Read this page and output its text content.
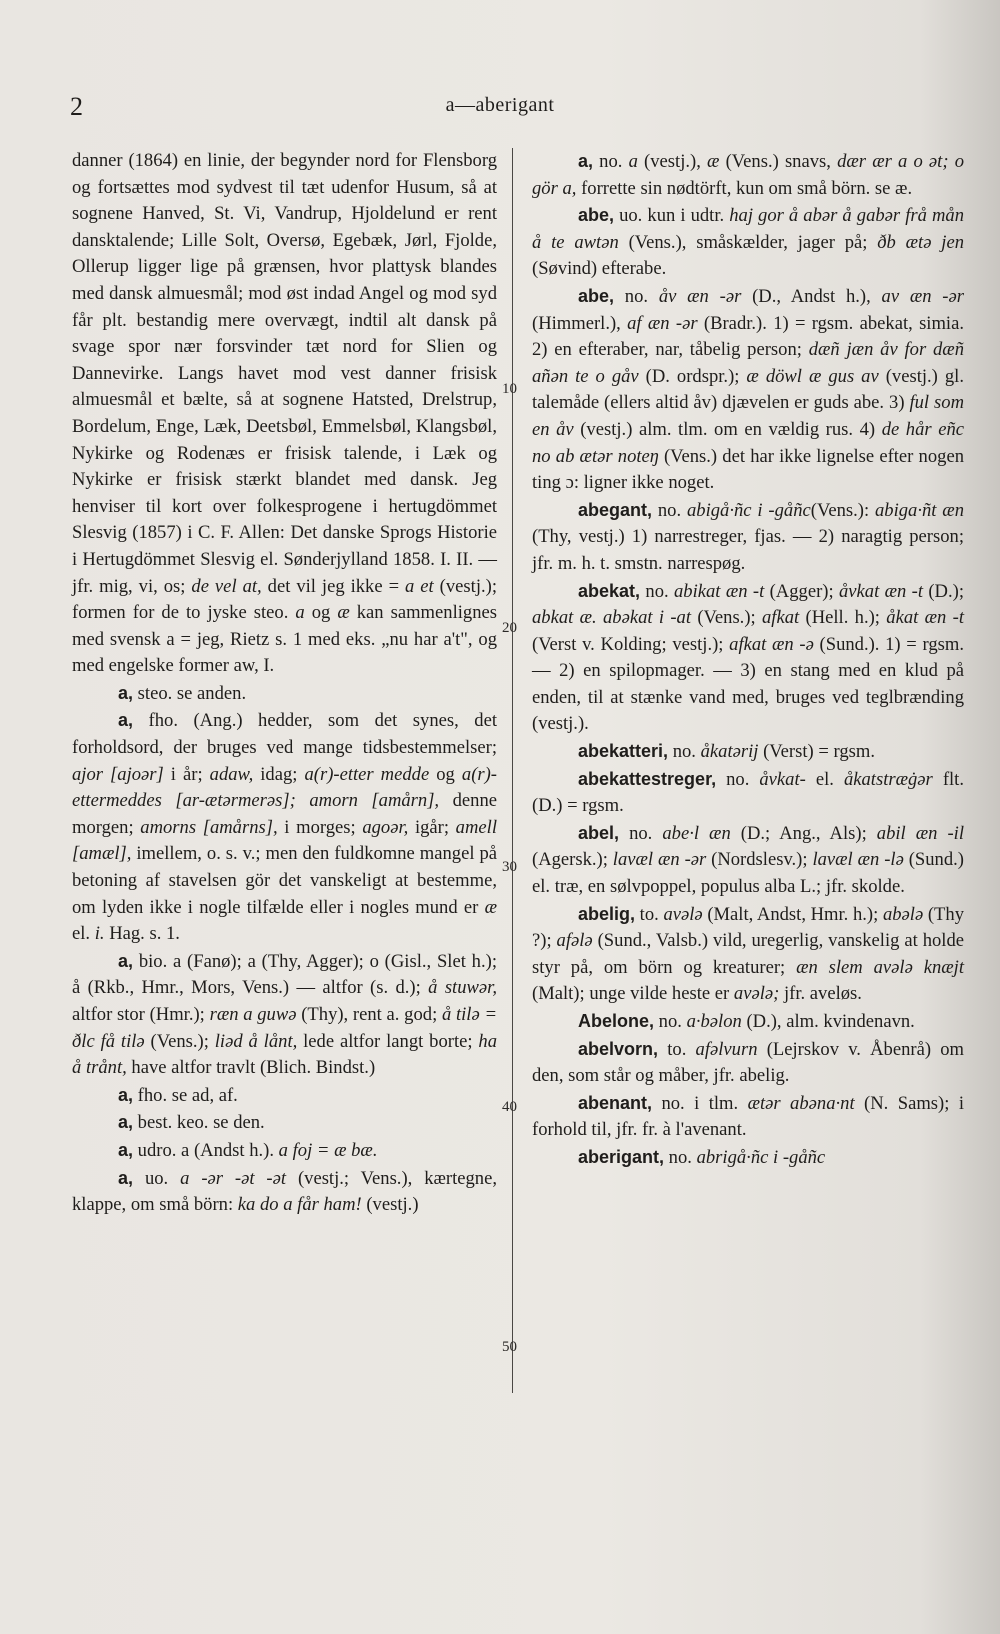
2	a—aberigant
10
20
30
40
50

danner (1864) en linie, der begynder nord for Flensborg og fortsættes mod sydvest til tæt udenfor Husum, så at sognene Hanved, St. Vi, Vandrup, Hjoldelund er rent dansktalende; Lille Solt, Oversø, Egebæk, Jørl, Fjolde, Ollerup ligger lige på grænsen, hvor plattysk blandes med dansk almuesmål; mod øst indad Angel og mod syd får plt. bestandig mere overvægt, indtil alt dansk på svage spor nær forsvinder tæt nord for Slien og Dannevirke. Langs havet mod vest danner frisisk almuesmål et bælte, så at sognene Hatsted, Drelstrup, Bordelum, Enge, Læk, Deetsbøl, Emmelsbøl, Klangsbøl, Nykirke og Rodenæs er frisisk talende, i Læk og Nykirke er frisisk stærkt blandet med dansk. Jeg henviser til kort over folkesprogene i hertugdömmet Slesvig (1857) i C. F. Allen: Det danske Sprogs Historie i Hertugdömmet Slesvig el. Sønderjylland 1858. I. II. — jfr. mig, vi, os; de vel at, det vil jeg ikke = a et (vestj.); formen for de to jyske steo. a og æ kan sammenlignes med svensk a = jeg, Rietz s. 1 med eks. „nu har a't", og med engelske former aw, I.

a, steo. se anden.

a, fho. (Ang.) hedder, som det synes, det forholdsord, der bruges ved mange tidsbestemmelser; ajor [ajoər] i år; adaw, idag; a(r)-etter medde og a(r)-ettermeddes [ar-ætərmerəs]; amorn [amårn], denne morgen; amorns [amårns], i morges; agoər, igår; amell [amæl], imellem, o. s. v.; men den fuldkomne mangel på betoning af stavelsen gör det vanskeligt at bestemme, om lyden ikke i nogle tilfælde eller i nogles mund er æ el. i. Hag. s. 1.

a, bio. a (Fanø); a (Thy, Agger); o (Gisl., Slet h.); å (Rkb., Hmr., Mors, Vens.) — altfor (s. d.); å stuwər, altfor stor (Hmr.); ræn a guwə (Thy), rent a. god; å tilə = ðlc få tilə (Vens.); liəd å lånt, lede altfor langt borte; ha å trånt, have altfor travlt (Blich. Bindst.)

a, fho. se ad, af.

a, best. keo. se den.

a, udro. a (Andst h.). a foj = æ bæ.

a, uo. a -ər -ət -ət (vestj.; Vens.), kærtegne, klappe, om små börn: ka do a får ham! (vestj.)

a, no. a (vestj.), æ (Vens.) snavs, dær ær a o ət; o gör a, forrette sin nødtörft, kun om små börn. se æ.

abe, uo. kun i udtr. haj gor å abər å gabər frå mån å te awtən (Vens.), småskælder, jager på; ðb ætə jen (Søvind) efterabe.

abe, no. åv æn -ər (D., Andst h.), av æn -ər (Himmerl.), af æn -ər (Bradr.). 1) = rgsm. abekat, simia. 2) en efteraber, nar, tåbelig person; dæñ jæn åv for dæñ añən te o gåv (D. ordspr.); æ döwl æ gus av (vestj.) gl. talemåde (ellers altid åv) djævelen er guds abe. 3) ful som en åv (vestj.) alm. tlm. om en vældig rus. 4) de hår eñc no ab ætər noteŋ (Vens.) det har ikke lignelse efter nogen ting ɔ: ligner ikke noget.

abegant, no. abigå·ñc i -gåñc(Vens.): abiga·ñt æn (Thy, vestj.) 1) narrestreger, fjas. — 2) naragtig person; jfr. m. h. t. smstn. narrespøg.

abekat, no. abikat æn -t (Agger); åvkat æn -t (D.); abkat æ. abəkat i -at (Vens.); afkat (Hell. h.); åkat æn -t (Verst v. Kolding; vestj.); afkat æn -ə (Sund.). 1) = rgsm. — 2) en spilopmager. — 3) en stang med en klud på enden, til at stænke vand med, bruges ved teglbrænding (vestj.).

abekatteri, no. åkatərij (Verst) = rgsm.

abekattestreger, no. åvkat- el. åkatstræġər flt. (D.) = rgsm.

abel, no. abe·l æn (D.; Ang., Als); abil æn -il (Agersk.); lavæl æn -ər (Nordslesv.); lavæl æn -lə (Sund.) el. træ, en sølvpoppel, populus alba L.; jfr. skolde.

abelig, to. avələ (Malt, Andst, Hmr. h.); abələ (Thy ?); afələ (Sund., Valsb.) vild, uregerlig, vanskelig at holde styr på, om börn og kreaturer; æn slem avələ knæjt (Malt); unge vilde heste er avələ; jfr. aveløs.

Abelone, no. a·bəlon (D.), alm. kvindenavn.

abelvorn, to. afəlvurn (Lejrskov v. Åbenrå) om den, som står og måber, jfr. abelig.

abenant, no. i tlm. ætər abəna·nt (N. Sams); i forhold til, jfr. fr. à l'avenant.

aberigant, no. abrigå·ñc i -gåñc
